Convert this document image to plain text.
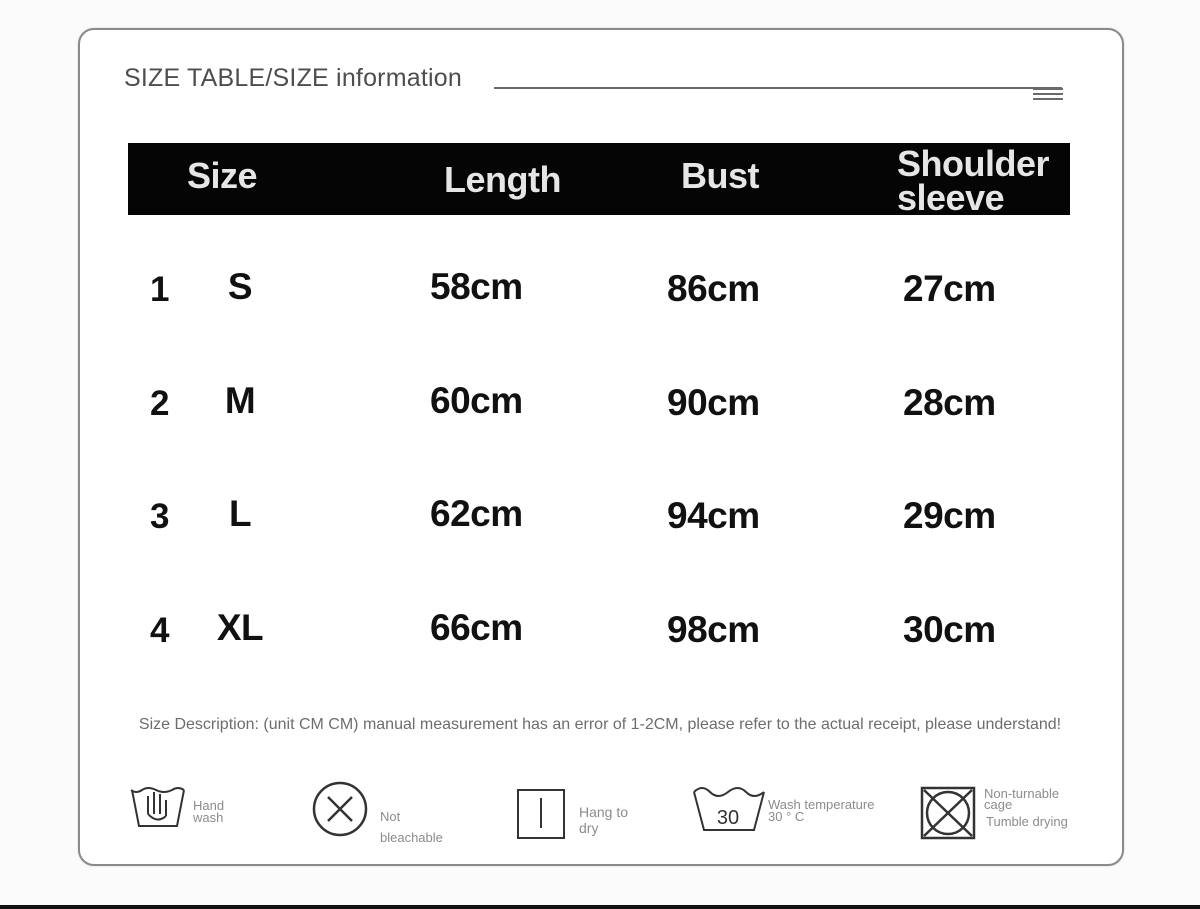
SIZE TABLE/SIZE information
Size	Length	Bust	Shoulder sleeve
1 S	58cm	86cm	27cm
2 M	60cm	90cm	28cm
3 L	62cm	94cm	29cm
4 XL	66cm	98cm	30cm
Size Description: (unit CM CM) manual measurement has an error of 1-2CM, please refer to the actual receipt, please understand!
Hand wash	Not bleachable
Hang to dry	30
Wash temperature 30 ° C
Non-turnable cage
Tumble drying
